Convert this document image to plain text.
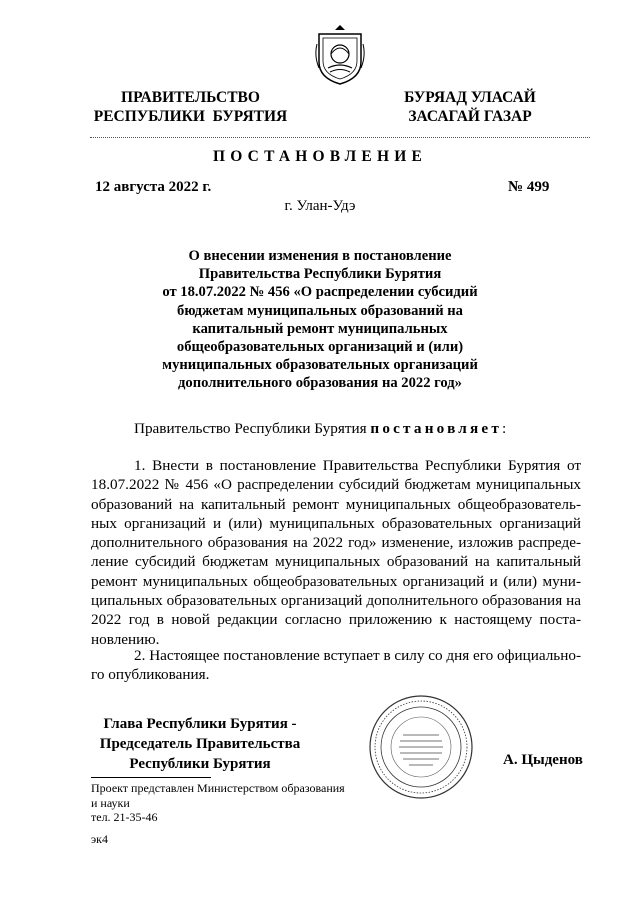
ПРАВИТЕЛЬСТВО
РЕСПУБЛИКИ  БУРЯТИЯ
БУРЯАД УЛАСАЙ
ЗАСАГАЙ ГАЗАР
ПОСТАНОВЛЕНИЕ
12 августа 2022 г.	№ 499
г. Улан-Удэ
О внесении изменения в постановление
Правительства Республики Бурятия
от 18.07.2022 № 456 «О распределении субсидий
бюджетам муниципальных образований на
капитальный ремонт муниципальных
общеобразовательных организаций и (или)
муниципальных образовательных организаций
дополнительного образования на 2022 год»
Правительство Республики Бурятия постановляет:
1. Внести в постановление Правительства Республики Бурятия от 18.07.2022 № 456 «О распределении субсидий бюджетам муниципальных образований на капитальный ремонт муниципальных общеобразовательных организаций и (или) муниципальных образовательных организаций дополнительного образования на 2022 год» изменение, изложив распределение субсидий бюджетам муниципальных образований на капитальный ремонт муниципальных общеобразовательных организаций и (или) муниципальных образовательных организаций дополнительного образования на 2022 год в новой редакции согласно приложению к настоящему постановлению.
2. Настоящее постановление вступает в силу со дня его официального опубликования.
Глава Республики Бурятия -
Председатель Правительства
Республики Бурятия	А. Цыденов
Проект представлен Министерством образования
и науки
тел. 21-35-46
эк4
